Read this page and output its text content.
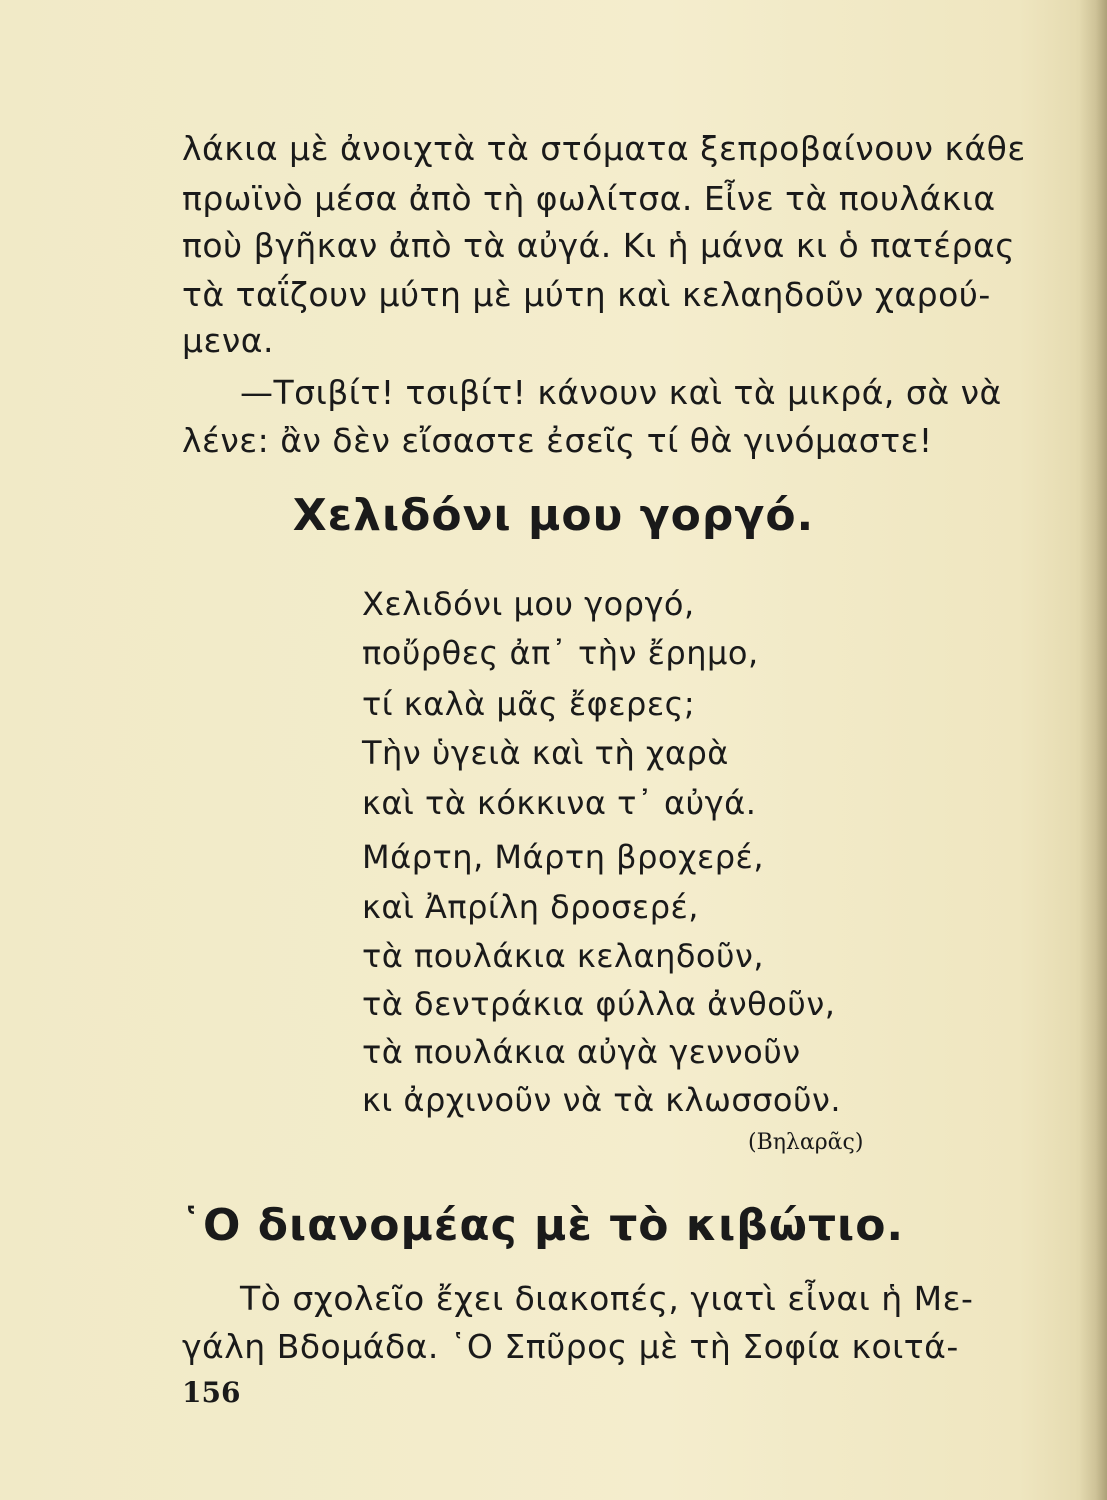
λάκια μὲ ἀνοιχτὰ τὰ στόματα ξεπροβαίνουν κάθε
πρωϊνὸ μέσα ἀπὸ τὴ φωλίτσα. Εἶνε τὰ πουλάκια
ποὺ βγῆκαν ἀπὸ τὰ αὐγά. Κι ἡ μάνα κι ὁ πατέρας
τὰ ταΐζουν μύτη μὲ μύτη καὶ κελαηδοῦν χαρού-
μενα.
—Τσιβίτ! τσιβίτ! κάνουν καὶ τὰ μικρά, σὰ νὰ
λένε: ἂν δὲν εἴσαστε ἐσεῖς τί θὰ γινόμαστε!
Χελιδόνι μου γοργό.
Χελιδόνι μου γοργό,
ποὔρθες ἀπ᾽ τὴν ἔρημο,
τί καλὰ μᾶς ἔφερες;
Τὴν ὑγειὰ καὶ τὴ χαρὰ
καὶ τὰ κόκκινα τ᾽ αὐγά.
Μάρτη, Μάρτη βροχερέ,
καὶ Ἀπρίλη δροσερέ,
τὰ πουλάκια κελαηδοῦν,
τὰ δεντράκια φύλλα ἀνθοῦν,
τὰ πουλάκια αὐγὰ γεννοῦν
κι ἀρχινοῦν νὰ τὰ κλωσσοῦν.
(Βηλαρᾶς)
῾Ο διανομέας μὲ τὸ κιβώτιο.
Τὸ σχολεῖο ἔχει διακοπές, γιατὶ εἶναι ἡ Με-
γάλη Βδομάδα. ῾Ο Σπῦρος μὲ τὴ Σοφία κοιτά-
156
